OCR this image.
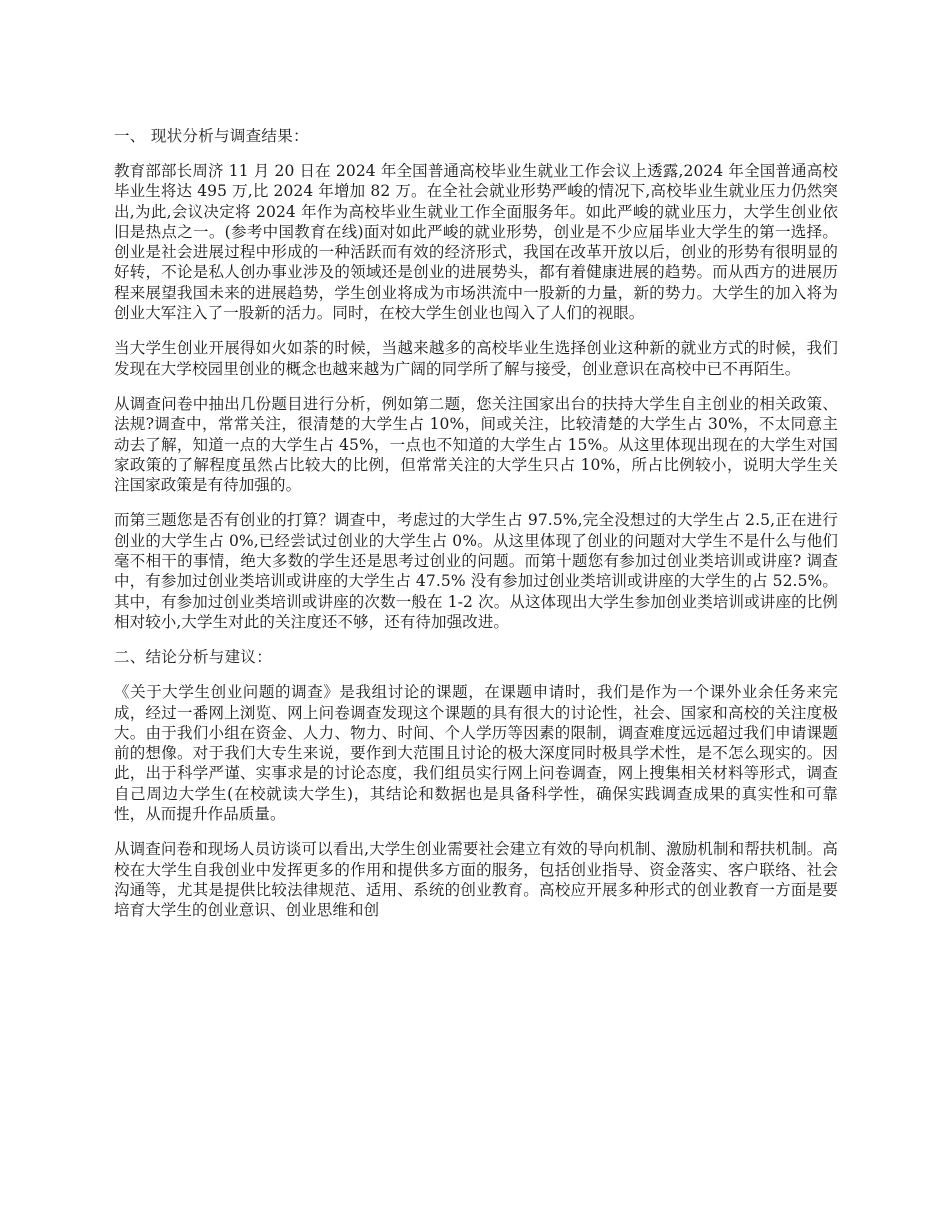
一、 现状分析与调查结果：

教育部部长周济 11 月 20 日在 2024 年全国普通高校毕业生就业工作会议上透露,2024 年全国普通高校毕业生将达 495 万,比 2024 年增加 82 万。在全社会就业形势严峻的情况下,高校毕业生就业压力仍然突出,为此,会议决定将 2024 年作为高校毕业生就业工作全面服务年。如此严峻的就业压力，大学生创业依旧是热点之一。(参考中国教育在线)面对如此严峻的就业形势，创业是不少应届毕业大学生的第一选择。创业是社会进展过程中形成的一种活跃而有效的经济形式，我国在改革开放以后，创业的形势有很明显的好转，不论是私人创办事业涉及的领域还是创业的进展势头，都有着健康进展的趋势。而从西方的进展历程来展望我国未来的进展趋势，学生创业将成为市场洪流中一股新的力量，新的势力。大学生的加入将为创业大军注入了一股新的活力。同时，在校大学生创业也闯入了人们的视眼。

当大学生创业开展得如火如荼的时候，当越来越多的高校毕业生选择创业这种新的就业方式的时候，我们发现在大学校园里创业的概念也越来越为广阔的同学所了解与接受，创业意识在高校中已不再陌生。

从调查问卷中抽出几份题目进行分析，例如第二题，您关注国家出台的扶持大学生自主创业的相关政策、法规?调查中，常常关注，很清楚的大学生占 10%，间或关注，比较清楚的大学生占 30%，不太同意主动去了解，知道一点的大学生占 45%，一点也不知道的大学生占 15%。从这里体现出现在的大学生对国家政策的了解程度虽然占比较大的比例，但常常关注的大学生只占 10%，所占比例较小，说明大学生关注国家政策是有待加强的。

而第三题您是否有创业的打算？调查中，考虑过的大学生占 97.5%,完全没想过的大学生占 2.5,正在进行创业的大学生占 0%,已经尝试过创业的大学生占 0%。从这里体现了创业的问题对大学生不是什么与他们毫不相干的事情，绝大多数的学生还是思考过创业的问题。而第十题您有参加过创业类培训或讲座? 调查中，有参加过创业类培训或讲座的大学生占 47.5% 没有参加过创业类培训或讲座的大学生的占 52.5%。其中，有参加过创业类培训或讲座的次数一般在 1-2 次。从这体现出大学生参加创业类培训或讲座的比例相对较小,大学生对此的关注度还不够，还有待加强改进。

二、结论分析与建议：

《关于大学生创业问题的调查》是我组讨论的课题，在课题申请时，我们是作为一个课外业余任务来完成，经过一番网上浏览、网上问卷调查发现这个课题的具有很大的讨论性，社会、国家和高校的关注度极大。由于我们小组在资金、人力、物力、时间、个人学历等因素的限制，调查难度远远超过我们申请课题前的想像。对于我们大专生来说，要作到大范围且讨论的极大深度同时极具学术性，是不怎么现实的。因此，出于科学严谨、实事求是的讨论态度，我们组员实行网上问卷调查，网上搜集相关材料等形式，调查自己周边大学生(在校就读大学生)，其结论和数据也是具备科学性，确保实践调查成果的真实性和可靠性，从而提升作品质量。

从调查问卷和现场人员访谈可以看出,大学生创业需要社会建立有效的导向机制、激励机制和帮扶机制。高校在大学生自我创业中发挥更多的作用和提供多方面的服务，包括创业指导、资金落实、客户联络、社会沟通等，尤其是提供比较法律规范、适用、系统的创业教育。高校应开展多种形式的创业教育一方面是要培育大学生的创业意识、创业思维和创
